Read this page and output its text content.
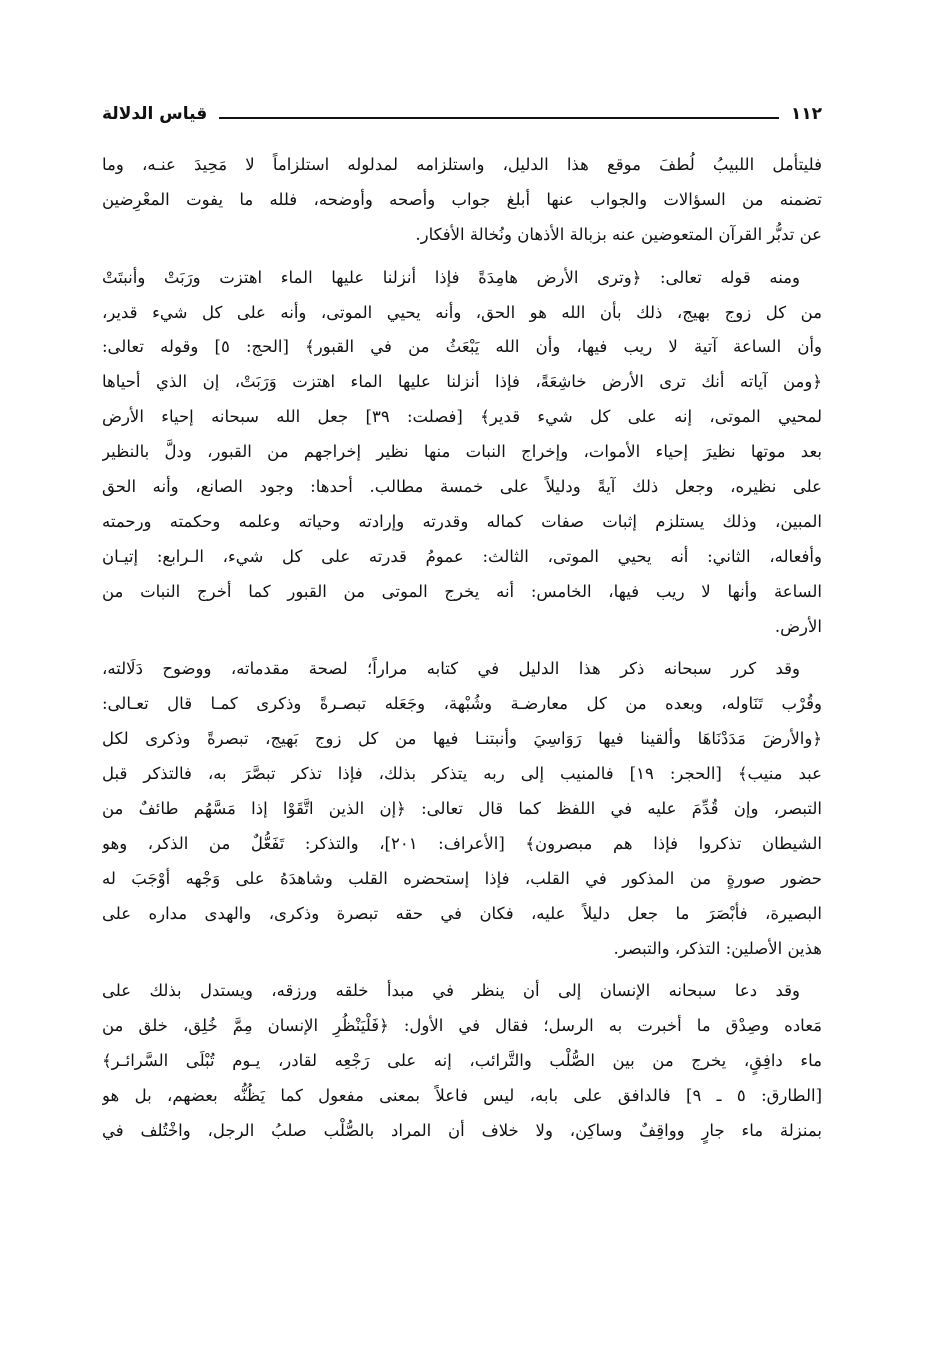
١١٢
قياس الدلالة
فليتأمل اللبيبُ لُطفَ موقع هذا الدليل، واستلزامه لمدلوله استلزاماً لا مَحِيدَ عنـه، وما
تضمنه من السؤالات والجواب عنها أبلغ جواب وأصحه وأوضحه، فلله ما يفوت المعْرِضين
عن تدبُّر القرآن المتعوضين عنه بزبالة الأذهان ونُخالة الأفكار.
ومنه قوله تعالى: ﴿وترى الأرض هامِدَةً فإذا أنزلنا عليها الماء اهتزت ورَبَتْ وأنبتَتْ
من كل زوج بهيج، ذلك بأن الله هو الحق، وأنه يحيي الموتى، وأنه على كل شيء قدير،
وأن الساعة آتية لا ريب فيها، وأن الله يَبْعَثُ من في القبور﴾ [الحج: ٥] وقوله تعالى:
﴿ومن آياته أنك ترى الأرض خاشِعَةً، فإذا أنزلنا عليها الماء اهتزت وَرَبَتْ، إن الذي أحياها
لمحيي الموتى، إنه على كل شيء قدير﴾ [فصلت: ٣٩] جعل الله سبحانه إحياء الأرض
بعد موتها نظيرَ إحياء الأموات، وإخراج النبات منها نظير إخراجهم من القبور، ودلَّ بالنظير
على نظيره، وجعل ذلك آيةً ودليلاً على خمسة مطالب. أحدها: وجود الصانع، وأنه الحق
المبين، وذلك يستلزم إثبات صفات كماله وقدرته وإرادته وحياته وعلمه وحكمته ورحمته
وأفعاله، الثاني: أنه يحيي الموتى، الثالث: عمومُ قدرته على كل شيء، الـرابع: إتيـان
الساعة وأنها لا ريب فيها، الخامس: أنه يخرج الموتى من القبور كما أخرج النبات من
الأرض.
وقد كرر سبحانه ذكر هذا الدليل في كتابه مراراً؛ لصحة مقدماته، ووضوح دَلَالته،
وقُرْب تَنَاوله، وبعده من كل معارضـة وشُبْهة، وجَعَله تبصـرةً وذكرى كمـا قال تعـالى:
﴿والأرضَ مَدَدْنَاهَا وألقينا فيها رَوَاسِيَ وأنبتنـا فيها من كل زوج بَهيج، تبصرةً وذكرى لكل
عبد منيب﴾ [الحجر: ١٩] فالمنيب إلى ربه يتذكر بذلك، فإذا تذكر تبصَّرَ به، فالتذكر قبل
التبصر، وإن قُدِّمَ عليه في اللفظ كما قال تعالى: ﴿إن الذين اتَّقَوْا إذا مَسَّهُم طائفٌ من
الشيطان تذكروا فإذا هم مبصرون﴾ [الأعراف: ٢٠١]، والتذكر: تَفَعُّلٌ من الذكر، وهو
حضور صورةٍ من المذكور في القلب، فإذا إستحضره القلب وشاهدَهُ على وَجْهه أوْجَبَ له
البصيرة، فأبْصَرَ ما جعل دليلاً عليه، فكان في حقه تبصرة وذكرى، والهدى مداره على
هذين الأصلين: التذكر، والتبصر.
وقد دعا سبحانه الإنسان إلى أن ينظر في مبدأ خلقه ورزقه، ويستدل بذلك على
مَعاده وصِدْق ما أخبرت به الرسل؛ فقال في الأول: ﴿فَلْيَنْظُرِ الإنسان مِمَّ خُلِق، خلق من
ماء دافِقٍ، يخرج من بين الصُّلْب والتَّرائب، إنه على رَجْعِه لقادر، يـوم تُبْلَى السَّرائـر﴾
[الطارق: ٥ ـ ٩] فالدافق على بابه، ليس فاعلاً بمعنى مفعول كما يَظُنُّه بعضهم، بل هو
بمنزلة ماء جارٍ وواقِفٌ وساكِن، ولا خلاف أن المراد بالصُّلْب صلبُ الرجل، واخْتُلف في
